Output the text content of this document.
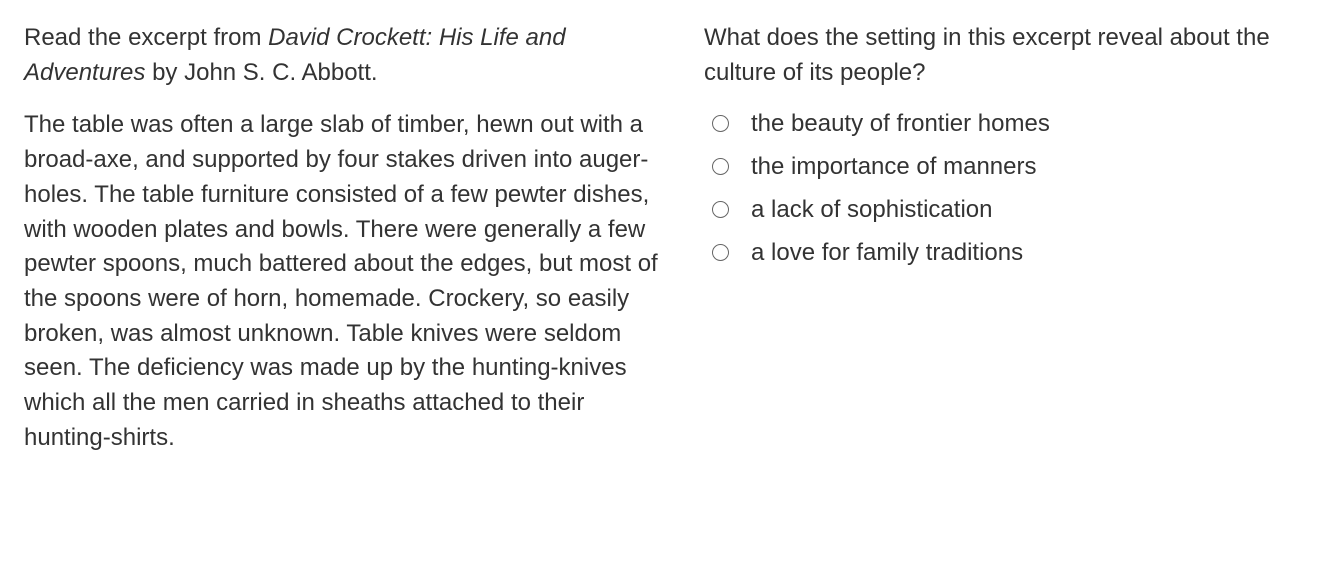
Read the excerpt from David Crockett: His Life and Adventures by John S. C. Abbott.

The table was often a large slab of timber, hewn out with a broad-axe, and supported by four stakes driven into auger-holes. The table furniture consisted of a few pewter dishes, with wooden plates and bowls. There were generally a few pewter spoons, much battered about the edges, but most of the spoons were of horn, homemade. Crockery, so easily broken, was almost unknown. Table knives were seldom seen. The deficiency was made up by the hunting-knives which all the men carried in sheaths attached to their hunting-shirts.

What does the setting in this excerpt reveal about the culture of its people?

the beauty of frontier homes
the importance of manners
a lack of sophistication
a love for family traditions
